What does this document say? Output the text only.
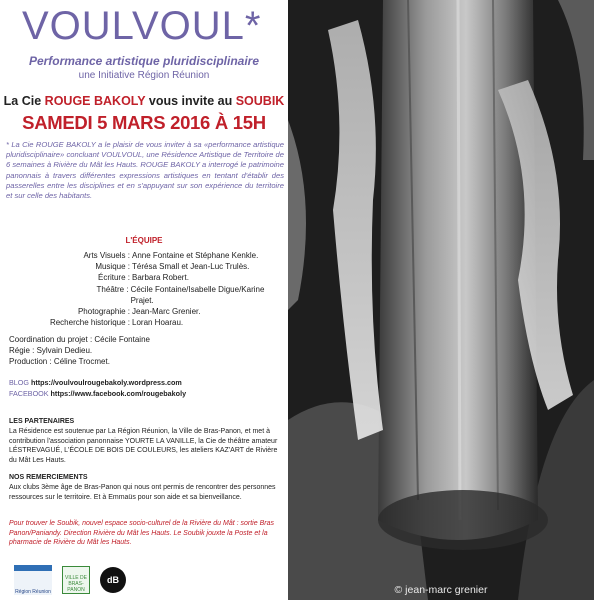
VOULVOUL*
Performance artistique pluridisciplinaire
une Initiative Région Réunion
La Cie ROUGE BAKOLY vous invite au SOUBIK
SAMEDI 5 MARS 2016 À 15H
* La Cie ROUGE BAKOLY a le plaisir de vous inviter à sa «performance artistique pluridisciplinaire» concluant VOULVOUL, une Résidence Artistique de Territoire de 6 semaines à Rivière du Mât les Hauts. ROUGE BAKOLY a interrogé le patrimoine panonnais à travers différentes expressions artistiques en tentant d'établir des passerelles entre les disciplines et en s'appuyant sur son expérience du territoire et sur celle des habitants.
L'ÉQUIPE
Arts Visuels : Anne Fontaine et Stéphane Kenkle.
Musique : Térésa Small et Jean-Luc Trulès.
Écriture : Barbara Robert.
Théâtre : Cécile Fontaine/Isabelle Digue/Karine Prajet.
Photographie : Jean-Marc Grenier.
Recherche historique : Loran Hoarau.
Coordination du projet : Cécile Fontaine
Régie : Sylvain Dedieu.
Production : Céline Trocmet.
BLOG https://voulvoulrougebakoly.wordpress.com
FACEBOOK https://www.facebook.com/rougebakoly
LES PARTENAIRES
La Résidence est soutenue par La Région Réunion, la Ville de Bras-Panon, et met à contribution l'association panonnaise YOURTE LA VANILLE, la Cie de théâtre amateur LÉSTREVAGUÉ, L'ÉCOLE DE BOIS DE COULEURS, les ateliers KAZ'ART de Rivière du Mât Les Hauts.
NOS REMERCIEMENTS
Aux clubs 3ème âge de Bras-Panon qui nous ont permis de rencontrer des personnes ressources sur le territoire. Et à Emmaüs pour son aide et sa bienveillance.
Pour trouver le Soubik, nouvel espace socio-culturel de la Rivière du Mât : sortie Bras Panon/Paniandy. Direction Rivière du Mât les Hauts. Le Soubik jouxte la Poste et la pharmacie de Rivière du Mât les Hauts.
Région Réunion
VILLE DE BRAS-PANON
dB
© jean-marc grenier
